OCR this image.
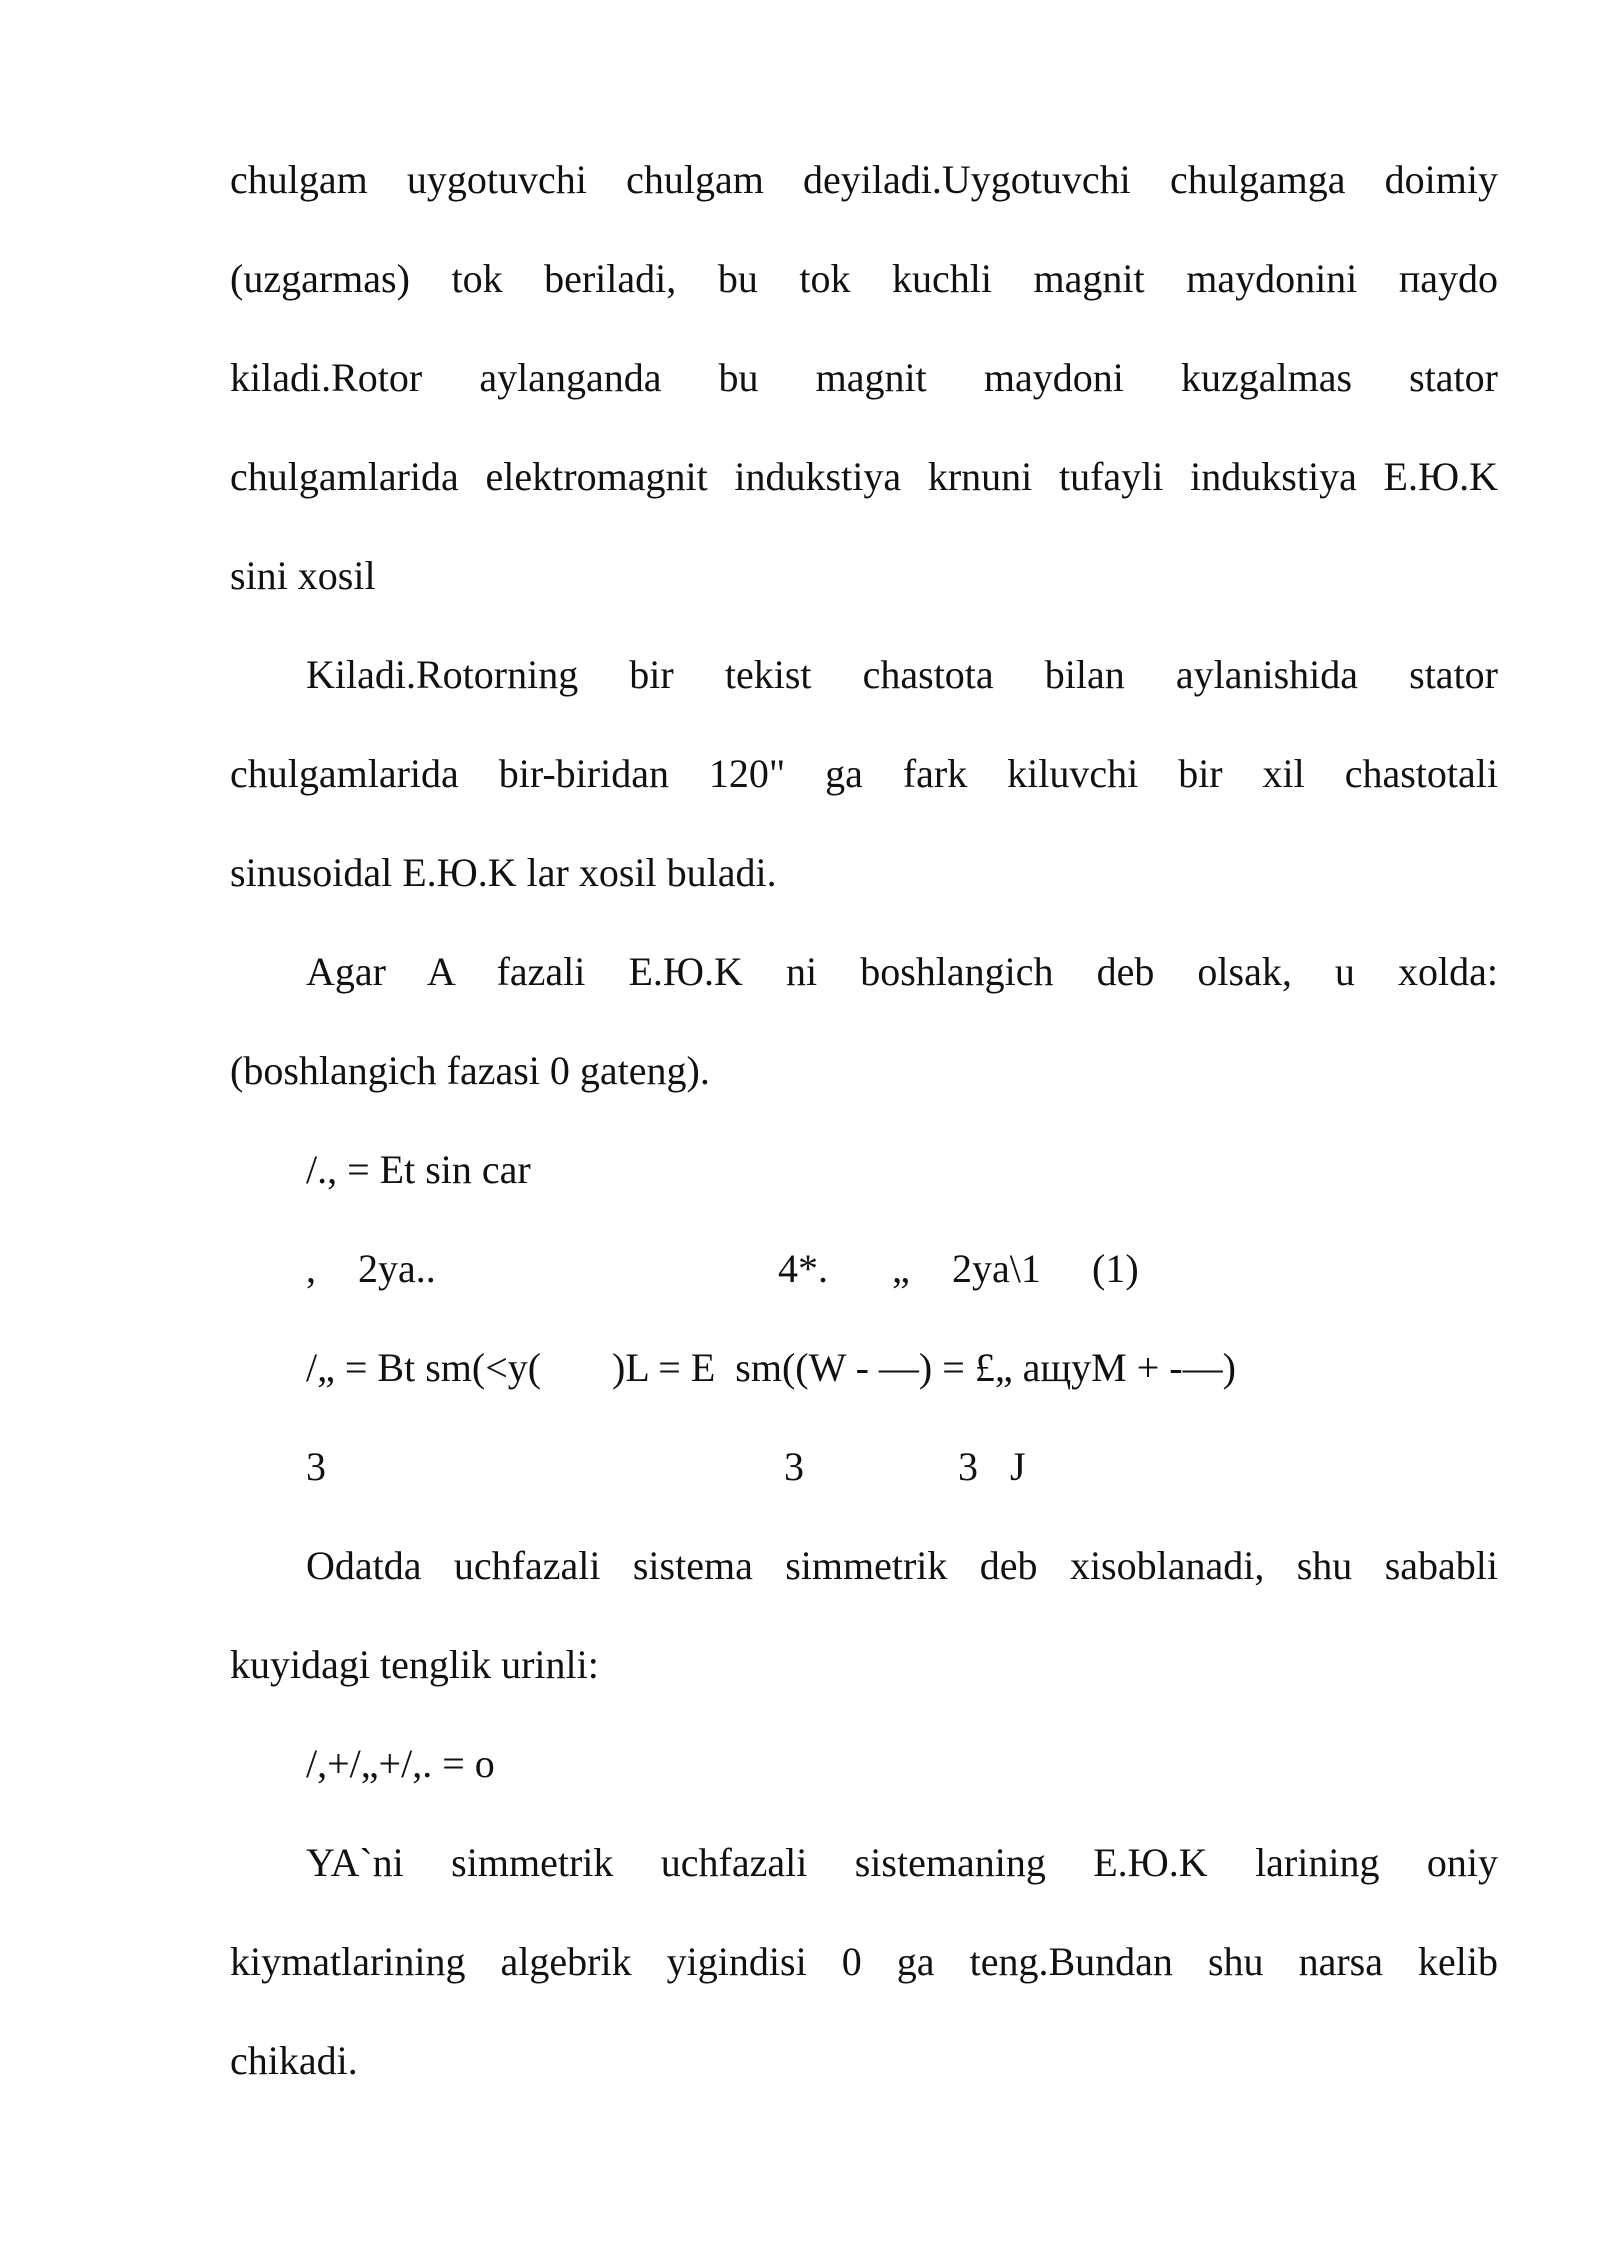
chulgam uygotuvchi chulgam deyiladi.Uygotuvchi chulgamga doimiy
(uzgarmas) tok beriladi, bu tok kuchli magnit maydonini пaydo
kiladi.Rotor aylanganda bu magnit maydoni kuzgalmas stator
chulgamlarida elektromagnit indukstiya krnuni tufayli indukstiya E.Ю.K
sini xosil
Kiladi.Rotorning bir tekist chastota bilan aylanishida stator
chulgamlarida bir-biridan 120" ga fark kiluvchi bir xil chastotali
sinusoidal E.Ю.K lar xosil buladi.
Agar A fazali E.Ю.K ni boshlangich deb olsak, u xolda:
(boshlangich fazasi 0 gateng).
/., = Et sin car
, 2ya..	4*. „ 2ya\1 (1)
/„ = Bt sm(<y( )L = E  sm((W - —) = £„ ащуМ + -—)
3	3	3 J
Odatda uchfazali sistema simmetrik deb xisoblanadi, shu sababli
kuyidagi tenglik urinli:
/,+/„+/,. = o
YA`ni simmetrik uchfazali sistemaning E.Ю.K larining oniy
kiymatlarining algebrik yigindisi 0 ga teng.Bundan shu narsa kelib
chikadi.
